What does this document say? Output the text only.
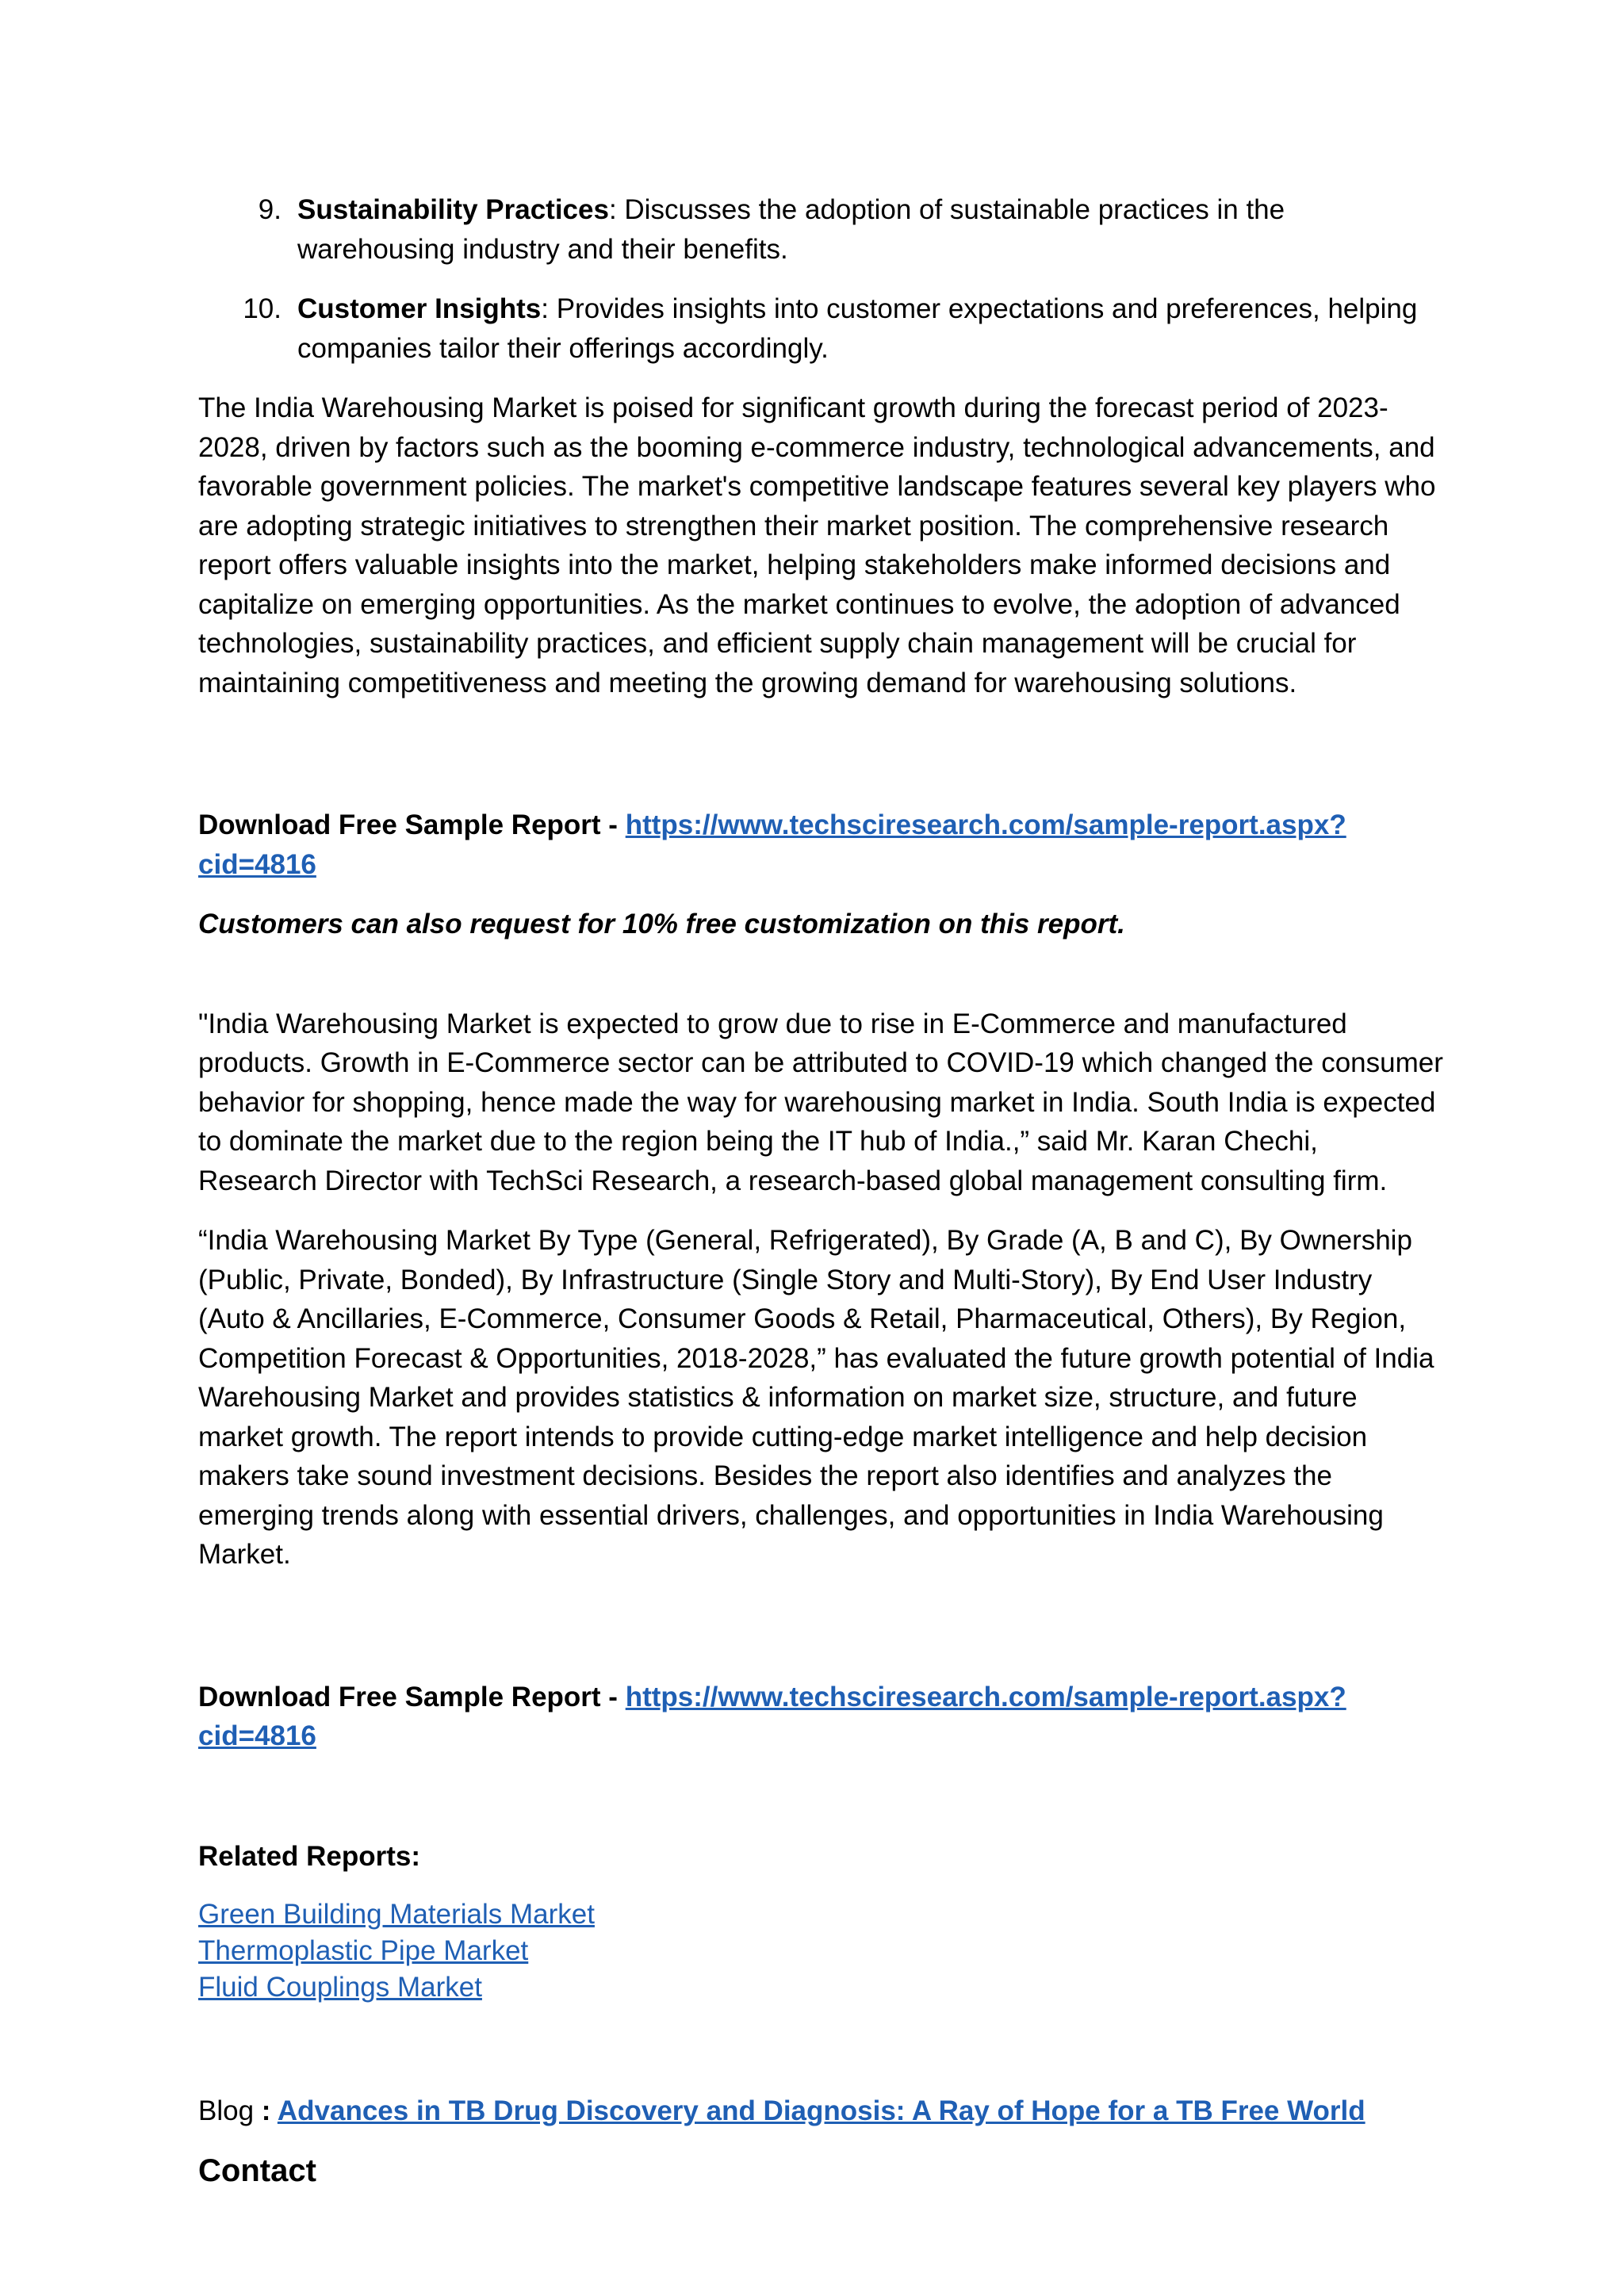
9. Sustainability Practices: Discusses the adoption of sustainable practices in the warehousing industry and their benefits.
10. Customer Insights: Provides insights into customer expectations and preferences, helping companies tailor their offerings accordingly.

The India Warehousing Market is poised for significant growth during the forecast period of 2023-2028, driven by factors such as the booming e-commerce industry, technological advancements, and favorable government policies. The market's competitive landscape features several key players who are adopting strategic initiatives to strengthen their market position. The comprehensive research report offers valuable insights into the market, helping stakeholders make informed decisions and capitalize on emerging opportunities. As the market continues to evolve, the adoption of advanced technologies, sustainability practices, and efficient supply chain management will be crucial for maintaining competitiveness and meeting the growing demand for warehousing solutions.

Download Free Sample Report - https://www.techsciresearch.com/sample-report.aspx?cid=4816

Customers can also request for 10% free customization on this report.

"India Warehousing Market is expected to grow due to rise in E-Commerce and manufactured products. Growth in E-Commerce sector can be attributed to COVID-19 which changed the consumer behavior for shopping, hence made the way for warehousing market in India. South India is expected to dominate the market due to the region being the IT hub of India.,” said Mr. Karan Chechi, Research Director with TechSci Research, a research-based global management consulting firm.

“India Warehousing Market By Type (General, Refrigerated), By Grade (A, B and C), By Ownership (Public, Private, Bonded), By Infrastructure (Single Story and Multi-Story), By End User Industry (Auto & Ancillaries, E-Commerce, Consumer Goods & Retail, Pharmaceutical, Others), By Region, Competition Forecast & Opportunities, 2018-2028,” has evaluated the future growth potential of India Warehousing Market and provides statistics & information on market size, structure, and future market growth. The report intends to provide cutting-edge market intelligence and help decision makers take sound investment decisions. Besides the report also identifies and analyzes the emerging trends along with essential drivers, challenges, and opportunities in India Warehousing Market.

Download Free Sample Report - https://www.techsciresearch.com/sample-report.aspx?cid=4816

Related Reports:

Green Building Materials Market
Thermoplastic Pipe Market
Fluid Couplings Market

Blog : Advances in TB Drug Discovery and Diagnosis: A Ray of Hope for a TB Free World

Contact
